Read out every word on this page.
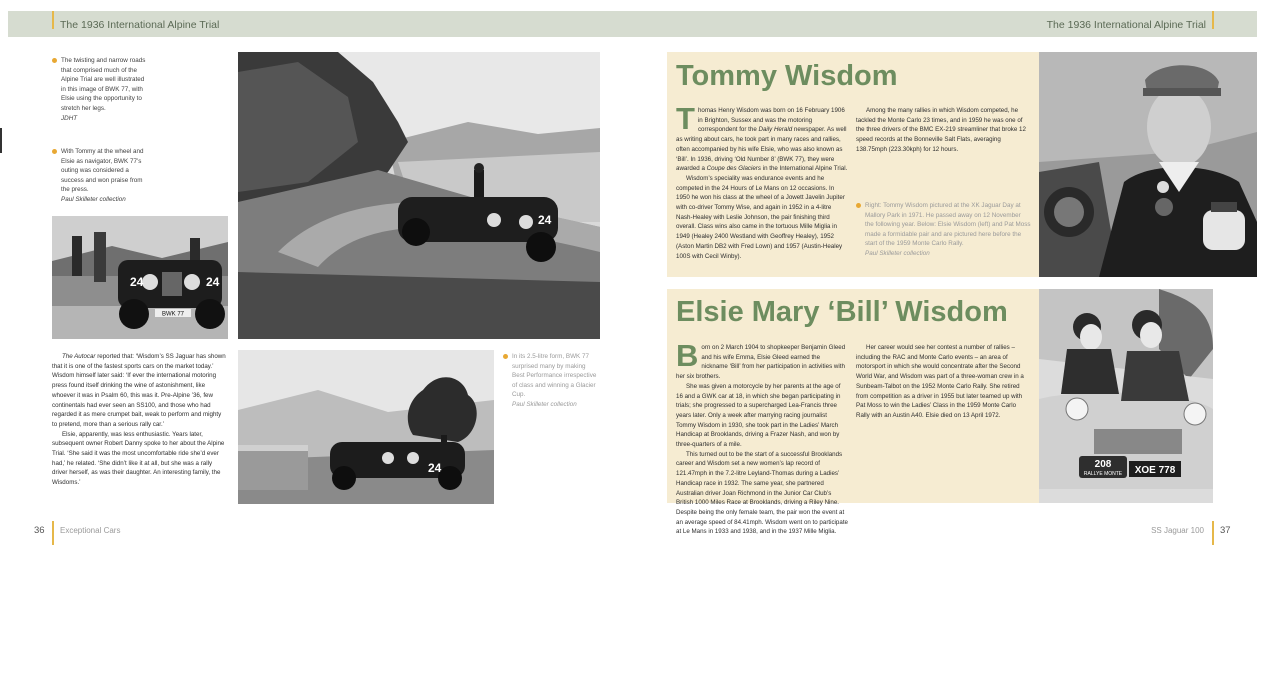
The 1936 International Alpine Trial	The 1936 International Alpine Trial
The twisting and narrow roads that comprised much of the Alpine Trial are well illustrated in this image of BWK 77, with Elsie using the opportunity to stretch her legs.
JDHT
With Tommy at the wheel and Elsie as navigator, BWK 77’s outing was considered a success and won praise from the press.
Paul Skilleter collection
BWK 77
24	24
24

The Autocar reported that: ‘Wisdom’s SS Jaguar has shown that it is one of the fastest sports cars on the market today.’ Wisdom himself later said: ‘If ever the international motoring press found itself drinking the wine of astonishment, like whoever it was in Psalm 60, this was it. Pre-Alpine ’36, few continentals had ever seen an SS100, and those who had regarded it as mere crumpet bait, weak to perform and mighty to pretend, more than a serious rally car.’

Elsie, apparently, was less enthusiastic. Years later, subsequent owner Robert Danny spoke to her about the Alpine Trial. ‘She said it was the most uncomfortable ride she’d ever had,’ he related. ‘She didn’t like it at all, but she was a rally driver herself, as was their daughter. An interesting family, the Wisdoms.’

24
In its 2.5-litre form, BWK 77 surprised many by making Best Performance irrespective of class and winning a Glacier Cup.
Paul Skilleter collection
36 Exceptional Cars
Tommy Wisdom

Thomas Henry Wisdom was born on 16 February 1906 in Brighton, Sussex and was the motoring correspondent for the Daily Herald newspaper. As well as writing about cars, he took part in many races and rallies, often accompanied by his wife Elsie, who was also known as ‘Bill’. In 1936, driving ‘Old Number 8’ (BWK 77), they were awarded a Coupe des Glaciers in the International Alpine Trial.

Wisdom’s speciality was endurance events and he competed in the 24 Hours of Le Mans on 12 occasions. In 1950 he won his class at the wheel of a Jowett Javelin Jupiter with co-driver Tommy Wise, and again in 1952 in a 4-litre Nash-Healey with Leslie Johnson, the pair finishing third overall. Class wins also came in the tortuous Mille Miglia in 1949 (Healey 2400 Westland with Geoffrey Healey), 1952 (Aston Martin DB2 with Fred Lown) and 1957 (Austin-Healey 100S with Cecil Winby).

Among the many rallies in which Wisdom competed, he tackled the Monte Carlo 23 times, and in 1959 he was one of the three drivers of the BMC EX-219 streamliner that broke 12 speed records at the Bonneville Salt Flats, averaging 138.75mph (223.30kph) for 12 hours.

Right: Tommy Wisdom pictured at the XK Jaguar Day at Mallory Park in 1971. He passed away on 12 November the following year. Below: Elsie Wisdom (left) and Pat Moss made a formidable pair and are pictured here before the start of the 1959 Monte Carlo Rally.
Paul Skilleter collection
Elsie Mary ‘Bill’ Wisdom

Born on 2 March 1904 to shopkeeper Benjamin Gleed and his wife Emma, Elsie Gleed earned the nickname ‘Bill’ from her participation in activities with her six brothers.

She was given a motorcycle by her parents at the age of 16 and a GWK car at 18, in which she began participating in trials; she progressed to a supercharged Lea-Francis three years later. Only a week after marrying racing journalist Tommy Wisdom in 1930, she took part in the Ladies’ March Handicap at Brooklands, driving a Frazer Nash, and won by three-quarters of a mile.

This turned out to be the start of a successful Brooklands career and Wisdom set a new women’s lap record of 121.47mph in the 7.2-litre Leyland-Thomas during a Ladies’ Handicap race in 1932. The same year, she partnered Australian driver Joan Richmond in the Junior Car Club’s British 1000 Miles Race at Brooklands, driving a Riley Nine. Despite being the only female team, the pair won the event at an average speed of 84.41mph. Wisdom went on to participate at Le Mans in 1933 and 1938, and in the 1937 Mille Miglia.

Her career would see her contest a number of rallies – including the RAC and Monte Carlo events – an area of motorsport in which she would concentrate after the Second World War, and Wisdom was part of a three-woman crew in a Sunbeam-Talbot on the 1952 Monte Carlo Rally. She retired from competition as a driver in 1955 but later teamed up with Pat Moss to win the Ladies’ Class in the 1959 Monte Carlo Rally with an Austin A40. Elsie died on 13 April 1972.

208
RALLYE MONTE XOE 778
SS Jaguar 100 37
